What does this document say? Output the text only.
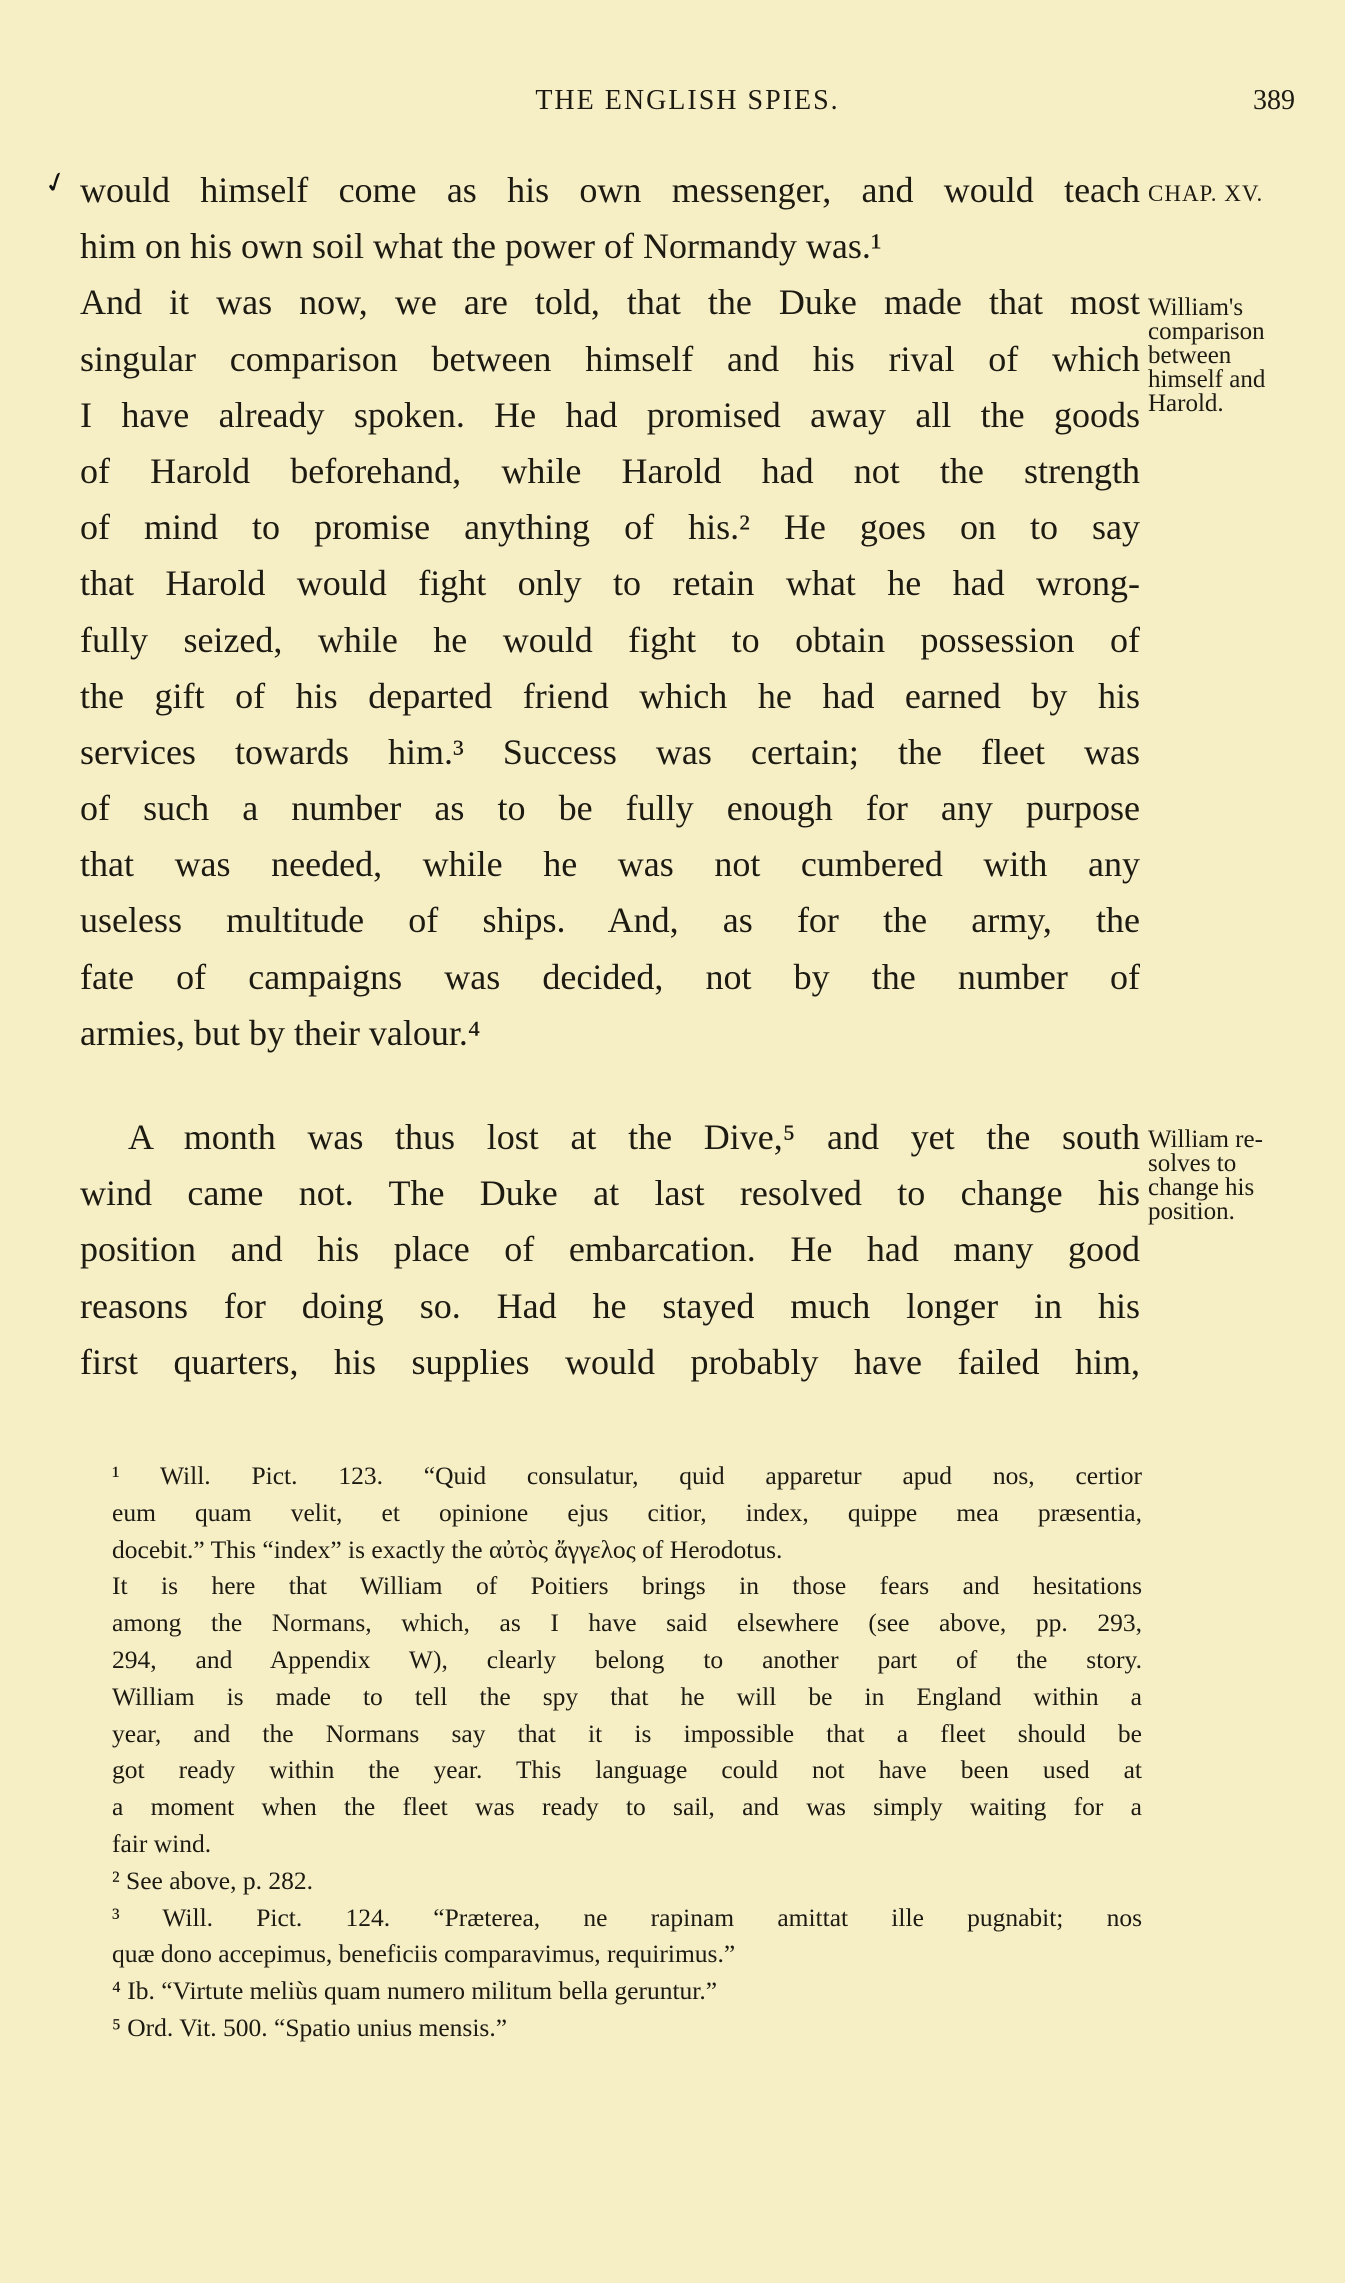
THE ENGLISH SPIES.	389
✓ would himself come as his own messenger, and would teach
him on his own soil what the power of Normandy was.¹
And it was now, we are told, that the Duke made that most
singular comparison between himself and his rival of which
I have already spoken. He had promised away all the goods
of Harold beforehand, while Harold had not the strength
of mind to promise anything of his.² He goes on to say
that Harold would fight only to retain what he had wrong-
fully seized, while he would fight to obtain possession of
the gift of his departed friend which he had earned by his
services towards him.³ Success was certain; the fleet was
of such a number as to be fully enough for any purpose
that was needed, while he was not cumbered with any
useless multitude of ships. And, as for the army, the
fate of campaigns was decided, not by the number of
armies, but by their valour.⁴
A month was thus lost at the Dive,⁵ and yet the south
wind came not. The Duke at last resolved to change his
position and his place of embarcation. He had many good
reasons for doing so. Had he stayed much longer in his
first quarters, his supplies would probably have failed him,
CHAP. XV.
William's
comparison
between
himself and
Harold.
William re-
solves to
change his
position.
¹ Will. Pict. 123. “Quid consulatur, quid apparetur apud nos, certior
eum quam velit, et opinione ejus citior, index, quippe mea præsentia,
docebit.” This “index” is exactly the αὐτὸς ἄγγελος of Herodotus.
It is here that William of Poitiers brings in those fears and hesitations
among the Normans, which, as I have said elsewhere (see above, pp. 293,
294, and Appendix W), clearly belong to another part of the story.
William is made to tell the spy that he will be in England within a
year, and the Normans say that it is impossible that a fleet should be
got ready within the year. This language could not have been used at
a moment when the fleet was ready to sail, and was simply waiting for a
fair wind.
² See above, p. 282.
³ Will. Pict. 124. “Præterea, ne rapinam amittat ille pugnabit; nos
quæ dono accepimus, beneficiis comparavimus, requirimus.”
⁴ Ib. “Virtute meliùs quam numero militum bella geruntur.”
⁵ Ord. Vit. 500. “Spatio unius mensis.”
